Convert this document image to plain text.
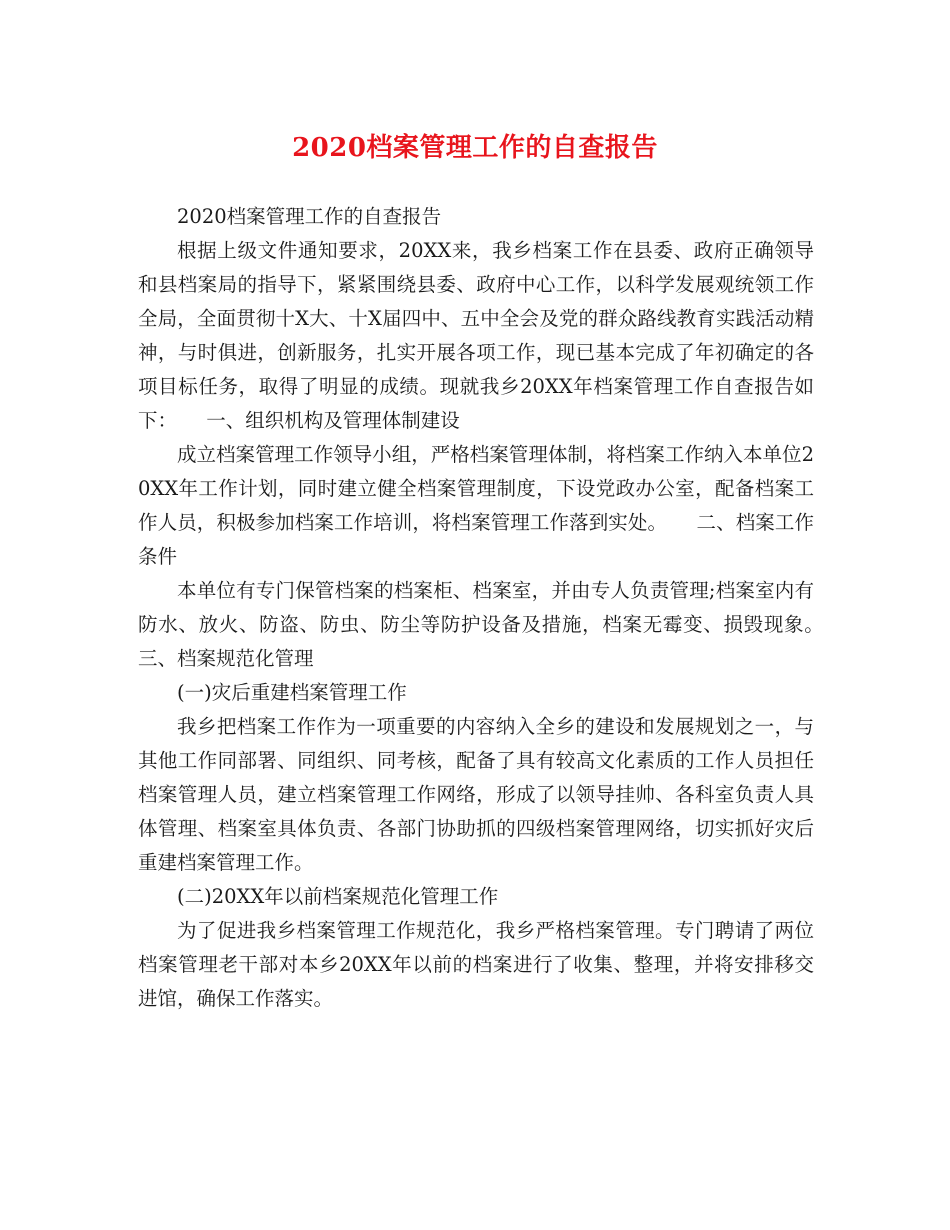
2020档案管理工作的自查报告

2020档案管理工作的自查报告

根据上级文件通知要求，20XX来，我乡档案工作在县委、政府正确领导和县档案局的指导下，紧紧围绕县委、政府中心工作，以科学发展观统领工作全局，全面贯彻十X大、十X届四中、五中全会及党的群众路线教育实践活动精神，与时俱进，创新服务，扎实开展各项工作，现已基本完成了年初确定的各项目标任务，取得了明显的成绩。现就我乡20XX年档案管理工作自查报告如下：　　一、组织机构及管理体制建设

成立档案管理工作领导小组，严格档案管理体制，将档案工作纳入本单位20XX年工作计划，同时建立健全档案管理制度，下设党政办公室，配备档案工作人员，积极参加档案工作培训，将档案管理工作落到实处。　　二、档案工作条件

本单位有专门保管档案的档案柜、档案室，并由专人负责管理;档案室内有防水、放火、防盗、防虫、防尘等防护设备及措施，档案无霉变、损毁现象。　　三、档案规范化管理

(一)灾后重建档案管理工作

我乡把档案工作作为一项重要的内容纳入全乡的建设和发展规划之一，与其他工作同部署、同组织、同考核，配备了具有较高文化素质的工作人员担任档案管理人员，建立档案管理工作网络，形成了以领导挂帅、各科室负责人具体管理、档案室具体负责、各部门协助抓的四级档案管理网络，切实抓好灾后重建档案管理工作。

(二)20XX年以前档案规范化管理工作

为了促进我乡档案管理工作规范化，我乡严格档案管理。专门聘请了两位档案管理老干部对本乡20XX年以前的档案进行了收集、整理，并将安排移交进馆，确保工作落实。
